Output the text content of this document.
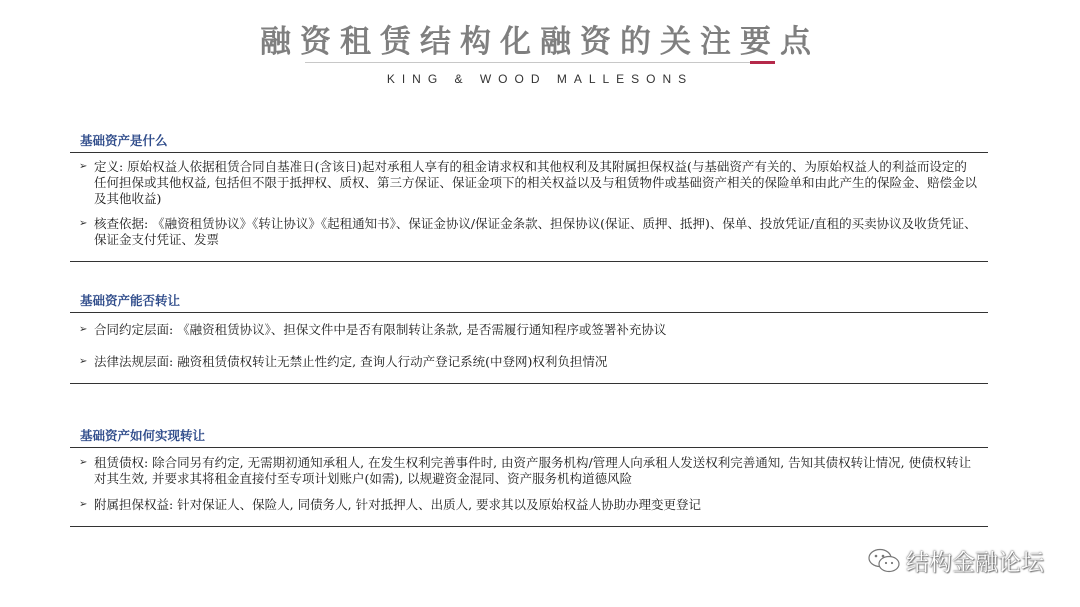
融资租赁结构化融资的关注要点
KING & WOOD MALLESONS
基础资产是什么
➢ 定义: 原始权益人依据租赁合同自基准日(含该日)起对承租人享有的租金请求权和其他权利及其附属担保权益(与基础资产有关的、为原始权益人的利益而设定的任何担保或其他权益, 包括但不限于抵押权、质权、第三方保证、保证金项下的相关权益以及与租赁物件或基础资产相关的保险单和由此产生的保险金、赔偿金以及其他收益)
➢ 核查依据: 《融资租赁协议》《转让协议》《起租通知书》、保证金协议/保证金条款、担保协议(保证、质押、抵押)、保单、投放凭证/直租的买卖协议及收货凭证、保证金支付凭证、发票
基础资产能否转让
➢ 合同约定层面: 《融资租赁协议》、担保文件中是否有限制转让条款, 是否需履行通知程序或签署补充协议
➢ 法律法规层面: 融资租赁债权转让无禁止性约定, 查询人行动产登记系统(中登网)权利负担情况
基础资产如何实现转让
➢ 租赁债权: 除合同另有约定, 无需期初通知承租人, 在发生权利完善事件时, 由资产服务机构/管理人向承租人发送权利完善通知, 告知其债权转让情况, 使债权转让对其生效, 并要求其将租金直接付至专项计划账户(如需), 以规避资金混同、资产服务机构道德风险
➢ 附属担保权益: 针对保证人、保险人, 同债务人, 针对抵押人、出质人, 要求其以及原始权益人协助办理变更登记
结构金融论坛
